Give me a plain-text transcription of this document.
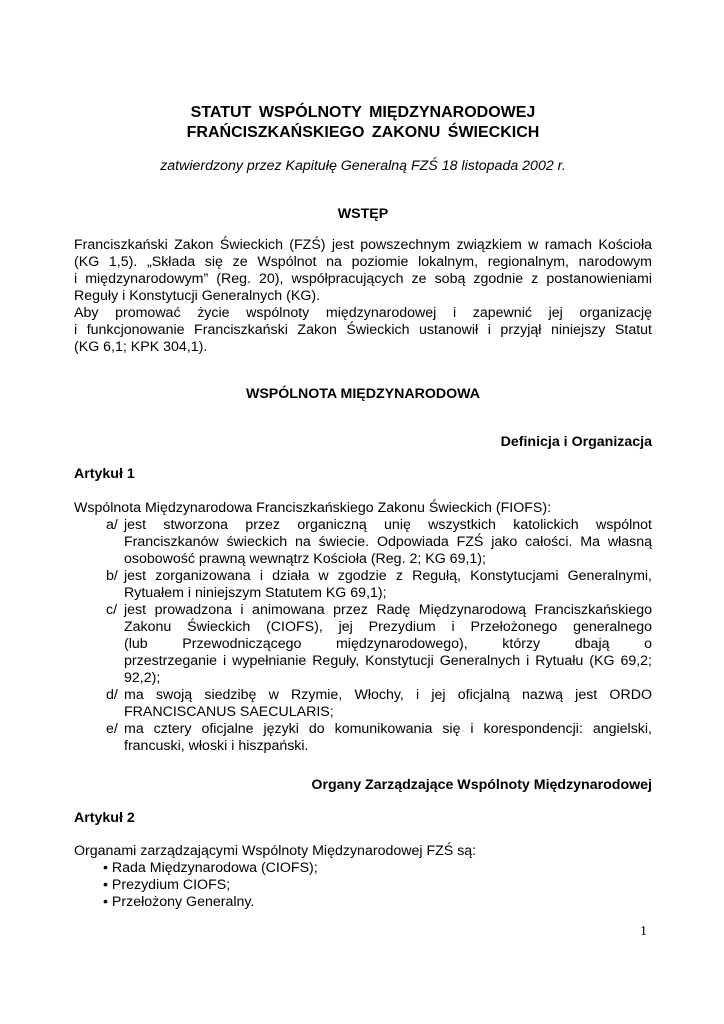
STATUT WSPÓLNOTY MIĘDZYNARODOWEJ
FRAŃCISZKAŃSKIEGO ZAKONU ŚWIECKICH
zatwierdzony przez Kapitułę Generalną FZŚ 18 listopada 2002 r.
WSTĘP
Franciszkański Zakon Świeckich (FZŚ) jest powszechnym związkiem w ramach Kościoła
(KG 1,5). „Składa się ze Wspólnot na poziomie lokalnym, regionalnym, narodowym
i międzynarodowym” (Reg. 20), współpracujących ze sobą zgodnie z postanowieniami
Reguły i Konstytucji Generalnych (KG).
Aby promować życie wspólnoty międzynarodowej i zapewnić jej organizację
i funkcjonowanie Franciszkański Zakon Świeckich ustanowił i przyjął niniejszy Statut
(KG 6,1; KPK 304,1).
WSPÓLNOTA MIĘDZYNARODOWA
Definicja i Organizacja
Artykuł 1
Wspólnota Międzynarodowa Franciszkańskiego Zakonu Świeckich (FIOFS):
a/ jest stworzona przez organiczną unię wszystkich katolickich wspólnot
Franciszkanów świeckich na świecie. Odpowiada FZŚ jako całości. Ma własną
osobowość prawną wewnątrz Kościoła (Reg. 2; KG 69,1);
b/ jest zorganizowana i działa w zgodzie z Regułą, Konstytucjami Generalnymi,
Rytuałem i niniejszym Statutem KG 69,1);
c/ jest prowadzona i animowana przez Radę Międzynarodową Franciszkańskiego
Zakonu Świeckich (CIOFS), jej Prezydium i Przełożonego generalnego
(lub Przewodniczącego międzynarodowego), którzy dbają o
przestrzeganie i wypełnianie Reguły, Konstytucji Generalnych i Rytuału (KG 69,2;
92,2);
d/ ma swoją siedzibę w Rzymie, Włochy, i jej oficjalną nazwą jest ORDO
FRANCISCANUS SAECULARIS;
e/ ma cztery oficjalne języki do komunikowania się i korespondencji: angielski,
francuski, włoski i hiszpański.
Organy Zarządzające Wspólnoty Międzynarodowej
Artykuł 2
Organami zarządzającymi Wspólnoty Międzynarodowej FZŚ są:
• Rada Międzynarodowa (CIOFS);
• Prezydium CIOFS;
• Przełożony Generalny.
1
